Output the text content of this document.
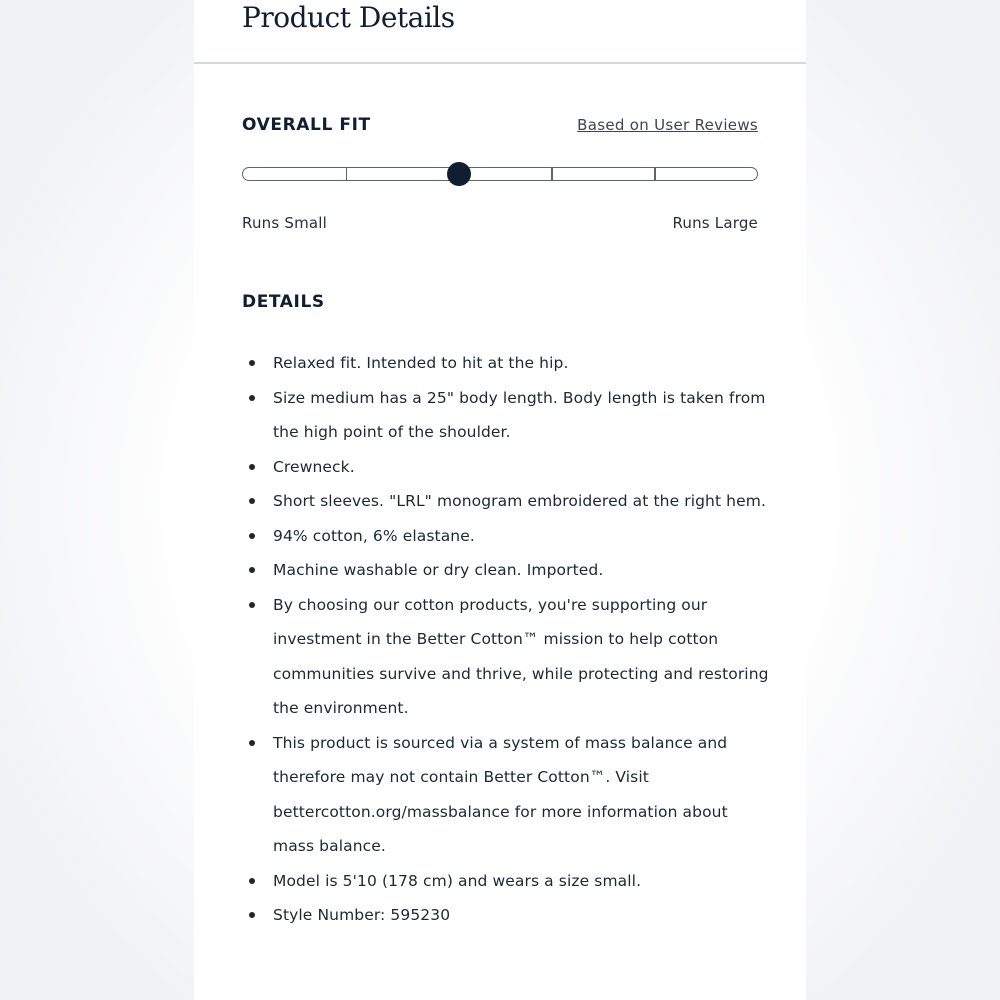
Product Details
OVERALL FIT	Based on User Reviews
Runs Small	Runs Large
DETAILS
Relaxed fit. Intended to hit at the hip.
Size medium has a 25" body length. Body length is taken from the high point of the shoulder.
Crewneck.
Short sleeves. "LRL" monogram embroidered at the right hem.
94% cotton, 6% elastane.
Machine washable or dry clean. Imported.
By choosing our cotton products, you're supporting our investment in the Better Cotton™ mission to help cotton communities survive and thrive, while protecting and restoring the environment.
This product is sourced via a system of mass balance and therefore may not contain Better Cotton™. Visit bettercotton.org/massbalance for more information about mass balance.
Model is 5'10 (178 cm) and wears a size small.
Style Number: 595230
